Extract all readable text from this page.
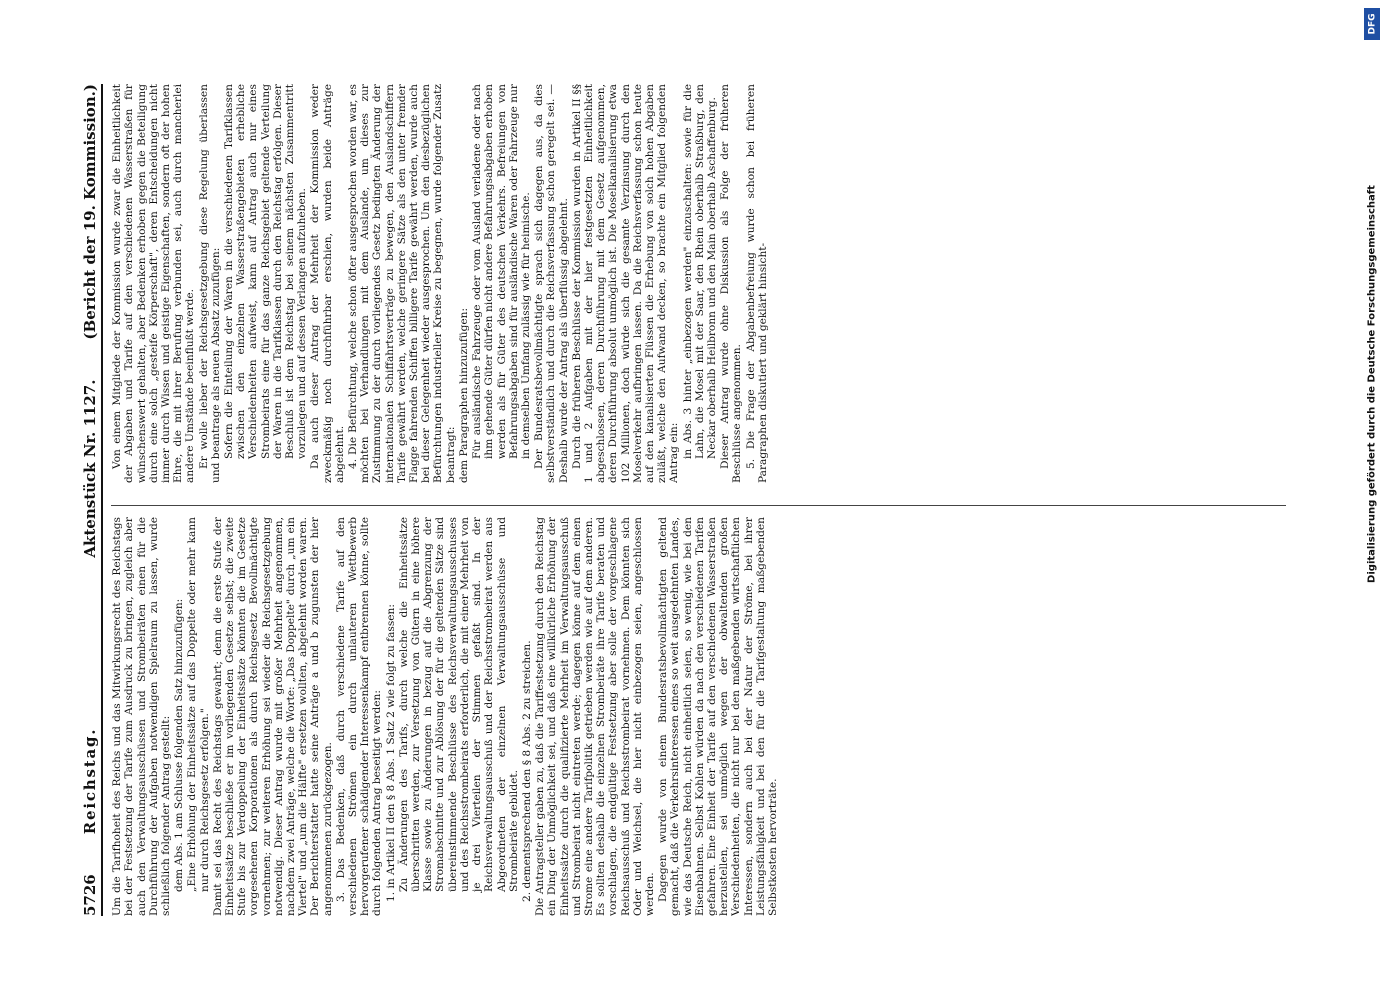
5726
Reichstag.
Aktenstück Nr. 1127.
(Bericht der 19. Kommission.)

Um die Tarifhoheit des Reichs und das Mitwirkungsrecht des Reichstags bei der Festsetzung der Tarife zum Ausdruck zu bringen, zugleich aber auch den Verwaltungsausschüssen und Strombeiräten einen für die Durchführung der Aufgaben notwendigen Spielraum zu lassen, wurde schließlich folgender Antrag gestellt: dem Abs. 1 am Schlusse folgenden Satz hinzuzufügen: „Eine Erhöhung der Einheitssätze auf das Doppelte oder mehr kann nur durch Reichsgesetz erfolgen." Damit sei das Recht des Reichstags gewahrt; denn die erste Stufe der Einheitssätze beschließe er im vorliegenden Gesetze selbst; die zweite Stufe bis zur Verdoppelung der Einheitssätze könnten die im Gesetze vorgesehenen Korporationen als durch Reichsgesetz Bevollmächtigte vornehmen; zur weiteren Erhöhung sei wieder die Reichsgesetzgebung notwendig. Dieser Antrag wurde mit großer Mehrheit angenommen, nachdem zwei Anträge, welche die Worte: „Das Doppelte" durch „um ein Viertel" und „um die Hälfte" ersetzen wollten, abgelehnt worden waren. Der Berichterstatter hatte seine Anträge a und b zugunsten der hier angenommenen zurückgezogen. 3. Das Bedenken, daß durch verschiedene Tarife auf den verschiedenen Strömen ein durch unlauteren Wettbewerb hervorgerufener schädigender Interessenkampf entbrennen könne, sollte durch folgenden Antrag beseitigt werden: 1. in Artikel II den § 8 Abs. 1 Satz 2 wie folgt zu fassen: Zu Änderungen des Tarifs, durch welche die Einheitssätze überschritten werden, zur Versetzung von Gütern in eine höhere Klasse sowie zu Änderungen in bezug auf die Abgrenzung der Stromabschnitte und zur Ablösung der für die geltenden Sätze sind übereinstimmende Beschlüsse des Reichsverwaltungsausschusses und des Reichsstrombeirats erforderlich, die mit einer Mehrheit von je drei Vierteilen der Stimmen gefaßt sind. In der Reichsverwaltungsausschuß und der Reichsstrombeirat werden aus Abgeordneten der einzelnen Verwaltungsausschüsse und Strombeiräte gebildet. 2. dementsprechend den § 8 Abs. 2 zu streichen. Die Antragsteller gaben zu, daß die Tariffestsetzung durch den Reichstag ein Ding der Unmöglichkeit sei, und daß eine willkürliche Erhöhung der Einheitssätze durch die qualifizierte Mehrheit im Verwaltungsausschuß und Strombeirat nicht eintreten werde; dagegen könne auf dem einen Strome eine andere Tarifpolitik getrieben werden wie auf dem anderen. Es sollten deshalb die einzelnen Strombeiräte ihre Tarife beraten und vorschlagen, die endgültige Festsetzung aber solle der vorgeschlagene Reichsausschuß und Reichsstrombeirat vornehmen. Dem könnten sich Oder und Weichsel, die hier nicht einbezogen seien, angeschlossen werden. Dagegen wurde von einem Bundesratsbevollmächtigten geltend gemacht, daß die Verkehrsinteressen eines so weit ausgedehnten Landes, wie das Deutsche Reich, nicht einheitlich seien, so wenig, wie bei den Eisenbahnen. Selbst Kohlen würden da nach den verschiedenen Tarifen gefahren. Eine Einheit der Tarife auf den verschiedenen Wasserstraßen herzustellen, sei unmöglich wegen der obwaltenden großen Verschiedenheiten, die nicht nur bei den maßgebenden wirtschaftlichen Interessen, sondern auch bei der Natur der Ströme, bei ihrer Leistungsfähigkeit und bei den für die Tarifgestaltung maßgebenden Selbstkosten hervorträte.

Von einem Mitgliede der Kommission wurde zwar die Einheitlichkeit der Abgaben und Tarife auf den verschiedenen Wasserstraßen für wünschenswert gehalten, aber Bedenken erhoben gegen die Beteiligung durch eine solch „gesteife Körperschaft", deren Entscheidungen nicht immer durch Wissen und geistige Eigenschaften, sondern oft der hohen Ehre, die mit ihrer Berufung verbunden sei, auch durch mancherlei andere Umstände beeinflußt werde. Er wolle lieber der Reichsgesetzgebung diese Regelung überlassen und beantrage als neuen Absatz zuzufügen: Sofern die Einteilung der Waren in die verschiedenen Tarifklassen zwischen den einzelnen Wasserstraßengebieten erhebliche Verschiedenheiten aufweist, kann auf Antrag auch nur eines Strombeirats eine für das ganze Reichsgebiet geltende Verteilung der Waren in die Tarifklassen durch den Reichstag erfolgen. Dieser Beschluß ist dem Reichstag bei seinem nächsten Zusammentritt vorzulegen und auf dessen Verlangen aufzuheben. Da auch dieser Antrag der Mehrheit der Kommission weder zweckmäßig noch durchführbar erschien, wurden beide Anträge abgelehnt. 4. Die Befürchtung, welche schon öfter ausgesprochen worden war, es möchten bei Verhandlungen mit dem Auslande, um dieses zur Zustimmung zu der durch vorliegendes Gesetz bedingten Änderung der internationalen Schiffahrtsverträge zu bewegen, den Auslandschiffern Tarife gewährt werden, welche geringere Sätze als den unter fremder Flagge fahrenden Schiffen billigere Tarife gewährt werden, wurde auch bei dieser Gelegenheit wieder ausgesprochen. Um den diesbezüglichen Befürchtungen industrieller Kreise zu begegnen, wurde folgender Zusatz beantragt: dem Paragraphen hinzuzufügen: Für ausländische Fahrzeuge oder vom Ausland verladene oder nach ihm gehende Güter dürfen nicht andere Befahrungsabgaben erhoben werden als für Güter des deutschen Verkehrs. Befreiungen von Befahrungsabgaben sind für ausländische Waren oder Fahrzeuge nur in demselben Umfang zulässig wie für heimische. Der Bundesratsbevollmächtigte sprach sich dagegen aus, da dies selbstverständlich und durch die Reichsverfassung schon geregelt sei. — Deshalb wurde der Antrag als überflüssig abgelehnt. Durch die früheren Beschlüsse der Kommission wurden in Artikel II §§ 1 und 2 Aufgaben mit der hier festgesetzten Einheitlichkeit abgeschlossen, deren Durchführung mit dem Gesetz aufgenommen, deren Durchführung absolut unmöglich ist. Die Moselkanalisierung etwa 102 Millionen, doch würde sich die gesamte Verzinsung durch den Moselverkehr aufbringen lassen. Da die Reichsverfassung schon heute auf den kanalisierten Flüssen die Erhebung von solch hohen Abgaben zuläßt, welche den Aufwand decken, so brachte ein Mitglied folgenden Antrag ein: in Abs. 3 hinter „einbezogen werden" einzuschalten: sowie für die Lahn, die Mosel mit der Saar, den Rhein oberhalb Straßburg, den Neckar oberhalb Heilbronn und den Main oberhalb Aschaffenburg. Dieser Antrag wurde ohne Diskussion als Folge der früheren Beschlüsse angenommen. 5. Die Frage der Abgabenbefreiung wurde schon bei früheren Paragraphen diskutiert und geklärt hinsicht-

DFG
Digitalisierung gefördert durch die Deutsche Forschungsgemeinschaft
